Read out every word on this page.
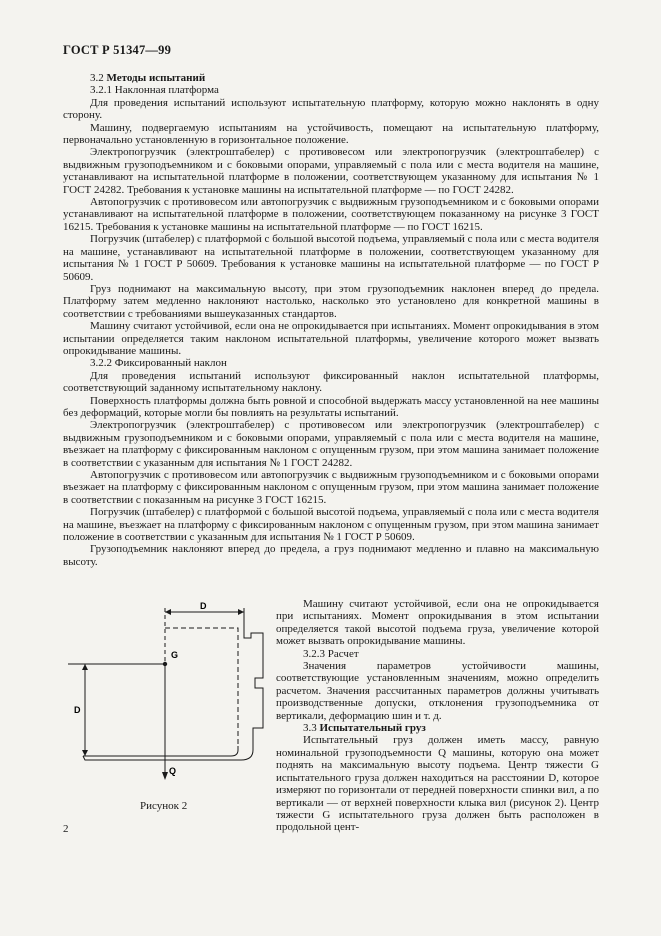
ГОСТ Р 51347—99

3.2 Методы испытаний

3.2.1 Наклонная платформа

Для проведения испытаний используют испытательную платформу, которую можно наклонять в одну сторону.

Машину, подвергаемую испытаниям на устойчивость, помещают на испытательную платформу, первоначально установленную в горизонтальное положение.

Электропогрузчик (электроштабелер) с противовесом или электропогрузчик (электроштабелер) с выдвижным грузоподъемником и с боковыми опорами, управляемый с пола или с места водителя на машине, устанавливают на испытательной платформе в положении, соответствующем указанному для испытания № 1 ГОСТ 24282. Требования к установке машины на испытательной платформе — по ГОСТ 24282.

Автопогрузчик с противовесом или автопогрузчик с выдвижным грузоподъемником и с боковыми опорами устанавливают на испытательной платформе в положении, соответствующем показанному на рисунке 3 ГОСТ 16215. Требования к установке машины на испытательной платформе — по ГОСТ 16215.

Погрузчик (штабелер) с платформой с большой высотой подъема, управляемый с пола или с места водителя на машине, устанавливают на испытательной платформе в положении, соответствующем указанному для испытания № 1 ГОСТ Р 50609. Требования к установке машины на испытательной платформе — по ГОСТ Р 50609.

Груз поднимают на максимальную высоту, при этом грузоподъемник наклонен вперед до предела. Платформу затем медленно наклоняют настолько, насколько это установлено для конкретной машины в соответствии с требованиями вышеуказанных стандартов.

Машину считают устойчивой, если она не опрокидывается при испытаниях. Момент опрокидывания в этом испытании определяется таким наклоном испытательной платформы, увеличение которого может вызвать опрокидывание машины.

3.2.2 Фиксированный наклон

Для проведения испытаний используют фиксированный наклон испытательной платформы, соответствующий заданному испытательному наклону.

Поверхность платформы должна быть ровной и способной выдержать массу установленной на нее машины без деформаций, которые могли бы повлиять на результаты испытаний.

Электропогрузчик (электроштабелер) с противовесом или электропогрузчик (электроштабелер) с выдвижным грузоподъемником и с боковыми опорами, управляемый с пола или с места водителя на машине, въезжает на платформу с фиксированным наклоном с опущенным грузом, при этом машина занимает положение в соответствии с указанным для испытания № 1 ГОСТ 24282.

Автопогрузчик с противовесом или автопогрузчик с выдвижным грузоподъемником и с боковыми опорами въезжает на платформу с фиксированным наклоном с опущенным грузом, при этом машина занимает положение в соответствии с показанным на рисунке 3 ГОСТ 16215.

Погрузчик (штабелер) с платформой с большой высотой подъема, управляемый с пола или с места водителя на машине, въезжает на платформу с фиксированным наклоном с опущенным грузом, при этом машина занимает положение в соответствии с указанным для испытания № 1 ГОСТ Р 50609.

Грузоподъемник наклоняют вперед до предела, а груз поднимают медленно и плавно на максимальную высоту.

D
G
D
Q
Рисунок 2

Машину считают устойчивой, если она не опрокидывается при испытаниях. Момент опрокидывания в этом испытании определяется такой высотой подъема груза, увеличение которой может вызвать опрокидывание машины.

3.2.3 Расчет

Значения параметров устойчивости машины, соответствующие установленным значениям, можно определить расчетом. Значения рассчитанных параметров должны учитывать производственные допуски, отклонения грузоподъемника от вертикали, деформацию шин и т. д.

3.3 Испытательный груз

Испытательный груз должен иметь массу, равную номинальной грузоподъемности Q машины, которую она может поднять на максимальную высоту подъема. Центр тяжести G испытательного груза должен находиться на расстоянии D, которое измеряют по горизонтали от передней поверхности спинки вил, а по вертикали — от верхней поверхности клыка вил (рисунок 2). Центр тяжести G испытательного груза должен быть расположен в продольной цент-

2
